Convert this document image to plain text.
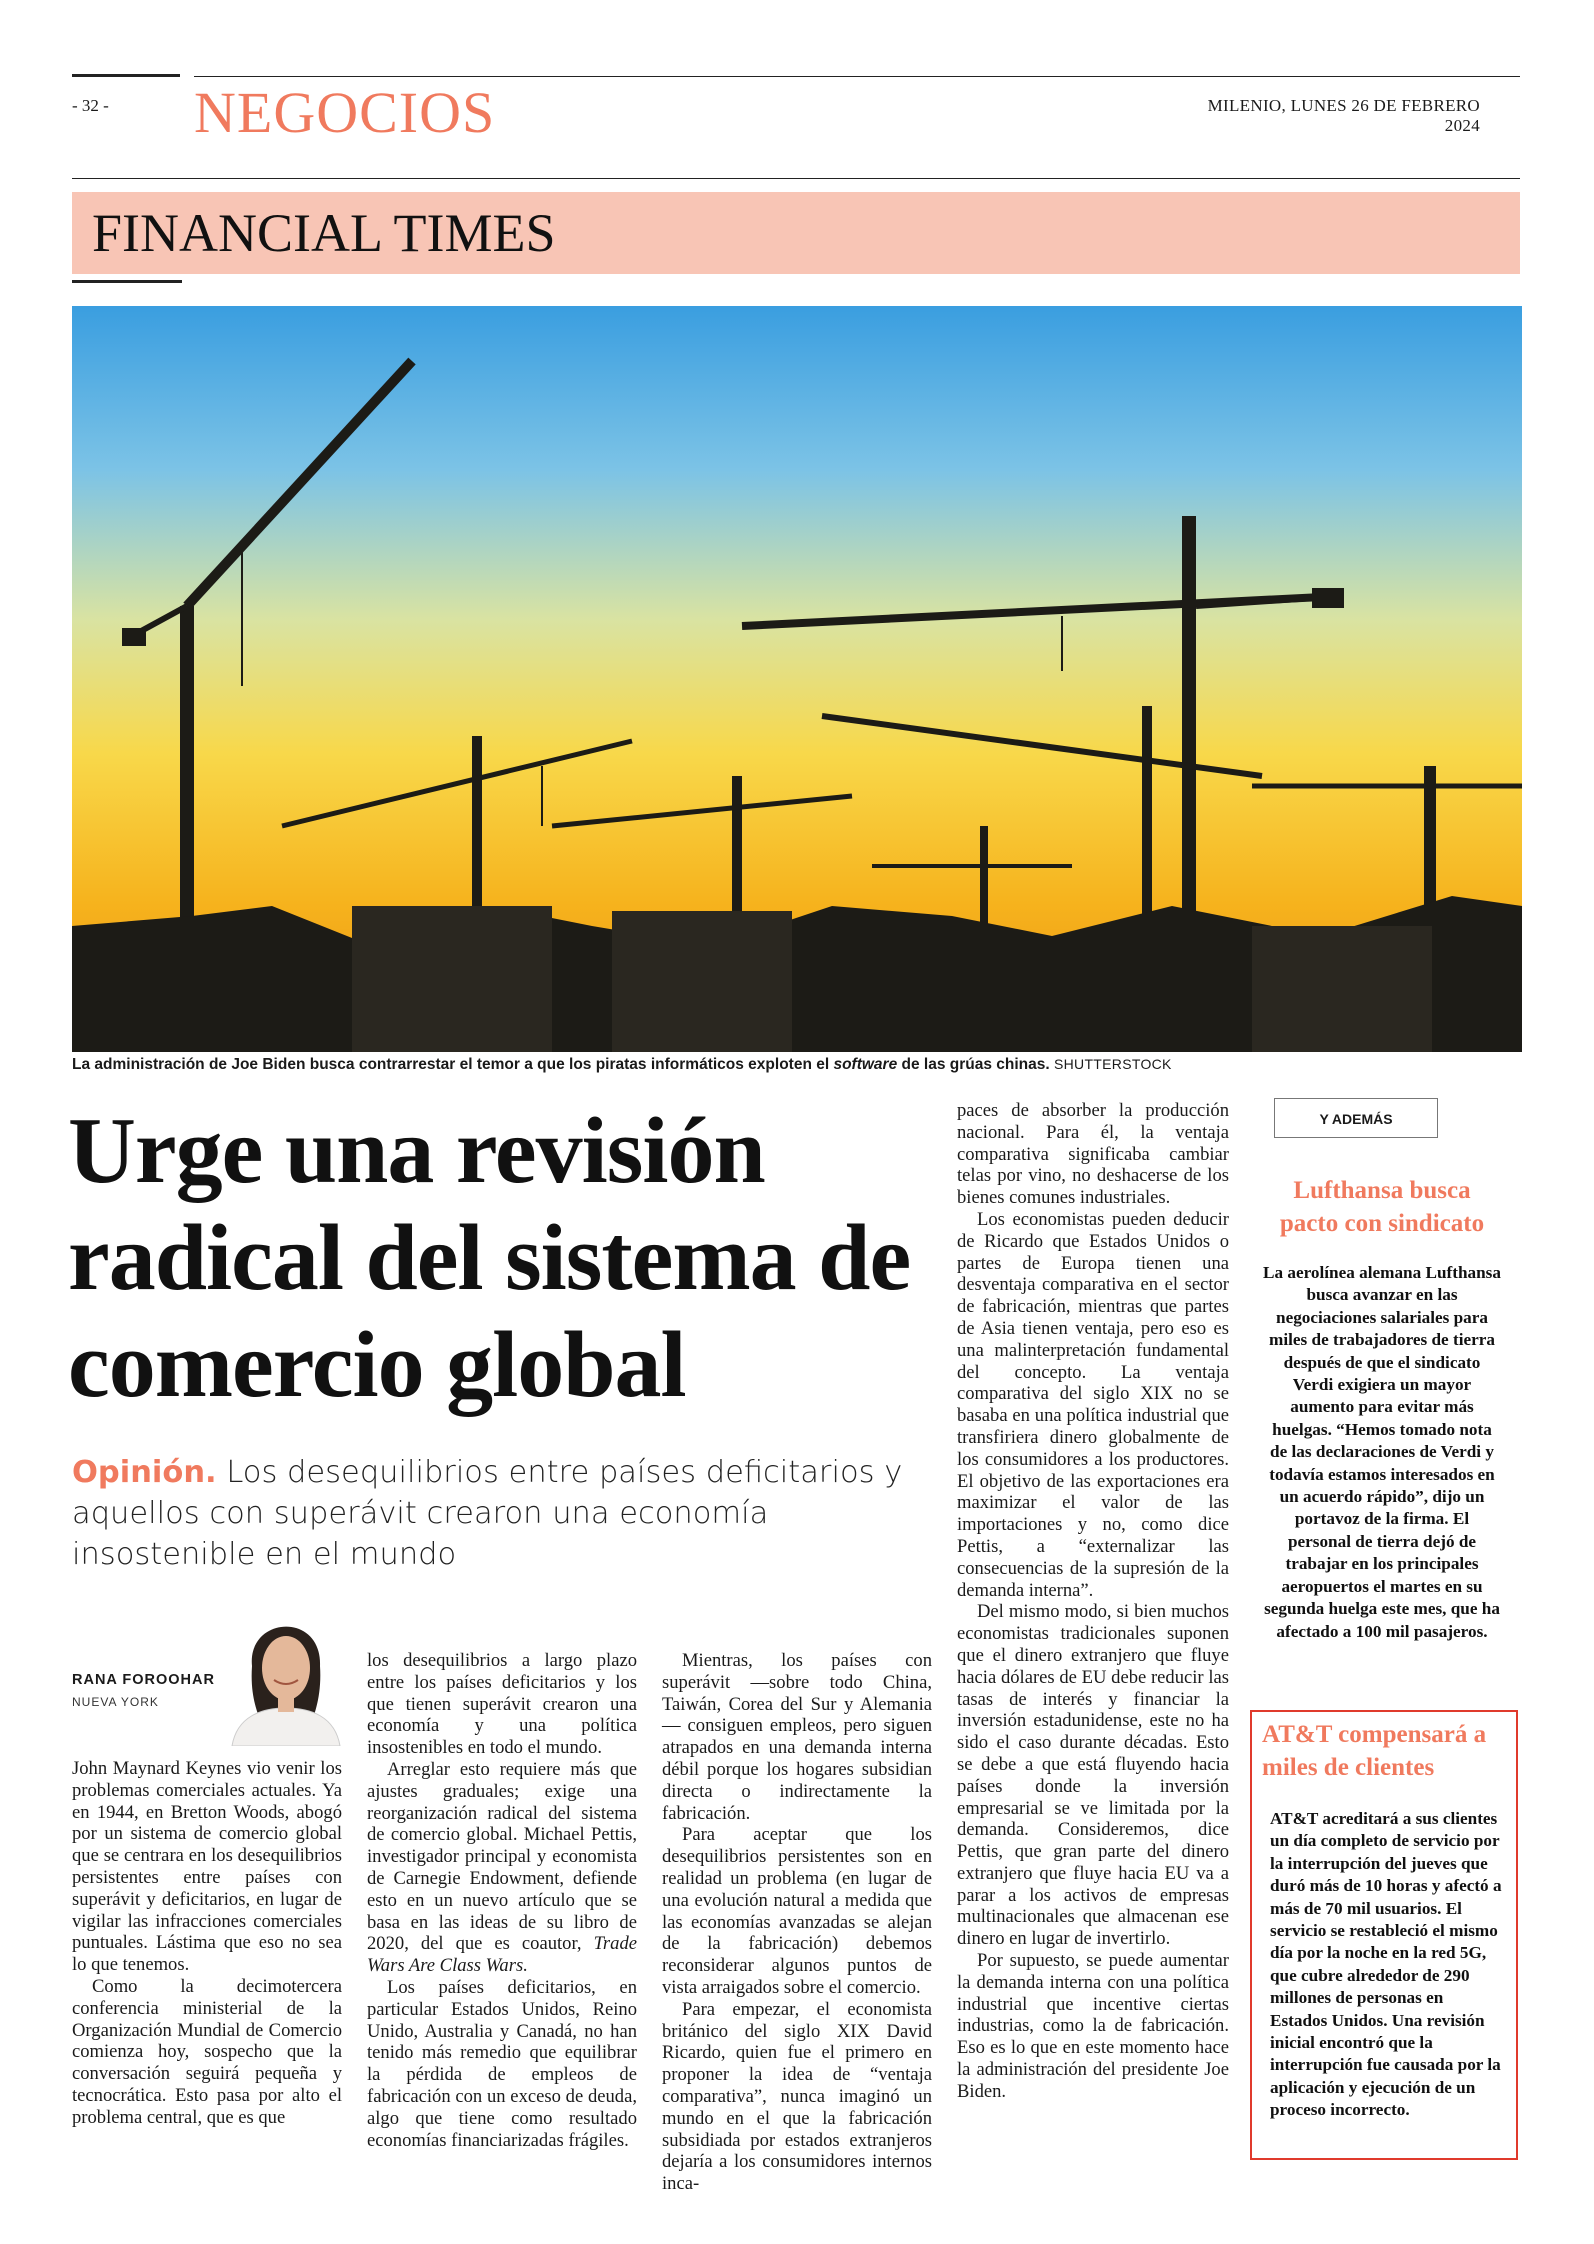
- 32 - NEGOCIOS	MILENIO, LUNES 26 DE FEBRERO 2024
FINANCIAL TIMES
La administración de Joe Biden busca contrarrestar el temor a que los piratas informáticos exploten el software de las grúas chinas. SHUTTERSTOCK
Urge una revisión radical del sistema de comercio global
Opinión. Los desequilibrios entre países deficitarios y aquellos con superávit crearon una economía insostenible en el mundo
RANA FOROOHAR
NUEVA YORK

John Maynard Keynes vio venir los problemas comerciales actuales. Ya en 1944, en Bretton Woods, abogó por un sistema de comercio global que se centrara en los desequilibrios persistentes entre países con superávit y deficitarios, en lugar de vigilar las infracciones comerciales puntuales. Lástima que eso no sea lo que tenemos.

Como la decimotercera conferencia ministerial de la Organización Mundial de Comercio comienza hoy, sospecho que la conversación seguirá pequeña y tecnocrática. Esto pasa por alto el problema central, que es que

los desequilibrios a largo plazo entre los países deficitarios y los que tienen superávit crearon una economía y una política insostenibles en todo el mundo.

Arreglar esto requiere más que ajustes graduales; exige una reorganización radical del sistema de comercio global. Michael Pettis, investigador principal y economista de Carnegie Endowment, defiende esto en un nuevo artículo que se basa en las ideas de su libro de 2020, del que es coautor, Trade Wars Are Class Wars.

Los países deficitarios, en particular Estados Unidos, Reino Unido, Australia y Canadá, no han tenido más remedio que equilibrar la pérdida de empleos de fabricación con un exceso de deuda, algo que tiene como resultado economías financiarizadas frágiles.

Mientras, los países con superávit —sobre todo China, Taiwán, Corea del Sur y Alemania— consiguen empleos, pero siguen atrapados en una demanda interna débil porque los hogares subsidian directa o indirectamente la fabricación.

Para aceptar que los desequilibrios persistentes son en realidad un problema (en lugar de una evolución natural a medida que las economías avanzadas se alejan de la fabricación) debemos reconsiderar algunos puntos de vista arraigados sobre el comercio.

Para empezar, el economista británico del siglo XIX David Ricardo, quien fue el primero en proponer la idea de “ventaja comparativa”, nunca imaginó un mundo en el que la fabricación subsidiada por estados extranjeros dejaría a los consumidores internos inca-

paces de absorber la producción nacional. Para él, la ventaja comparativa significaba cambiar telas por vino, no deshacerse de los bienes comunes industriales.

Los economistas pueden deducir de Ricardo que Estados Unidos o partes de Europa tienen una desventaja comparativa en el sector de fabricación, mientras que partes de Asia tienen ventaja, pero eso es una malinterpretación fundamental del concepto. La ventaja comparativa del siglo XIX no se basaba en una política industrial que transfiriera dinero globalmente de los consumidores a los productores. El objetivo de las exportaciones era maximizar el valor de las importaciones y no, como dice Pettis, a “externalizar las consecuencias de la supresión de la demanda interna”.

Del mismo modo, si bien muchos economistas tradicionales suponen que el dinero extranjero que fluye hacia dólares de EU debe reducir las tasas de interés y financiar la inversión estadunidense, este no ha sido el caso durante décadas. Esto se debe a que está fluyendo hacia países donde la inversión empresarial se ve limitada por la demanda. Consideremos, dice Pettis, que gran parte del dinero extranjero que fluye hacia EU va a parar a los activos de empresas multinacionales que almacenan ese dinero en lugar de invertirlo.

Por supuesto, se puede aumentar la demanda interna con una política industrial que incentive ciertas industrias, como la de fabricación. Eso es lo que en este momento hace la administración del presidente Joe Biden.

Y ADEMÁS
Lufthansa busca pacto con sindicato
La aerolínea alemana Lufthansa busca avanzar en las negociaciones salariales para miles de trabajadores de tierra después de que el sindicato Verdi exigiera un mayor aumento para evitar más huelgas. “Hemos tomado nota de las declaraciones de Verdi y todavía estamos interesados en un acuerdo rápido”, dijo un portavoz de la firma. El personal de tierra dejó de trabajar en los principales aeropuertos el martes en su segunda huelga este mes, que ha afectado a 100 mil pasajeros.
AT&T compensará a miles de clientes
AT&T acreditará a sus clientes un día completo de servicio por la interrupción del jueves que duró más de 10 horas y afectó a más de 70 mil usuarios. El servicio se restableció el mismo día por la noche en la red 5G, que cubre alrededor de 290 millones de personas en Estados Unidos. Una revisión inicial encontró que la interrupción fue causada por la aplicación y ejecución de un proceso incorrecto.
